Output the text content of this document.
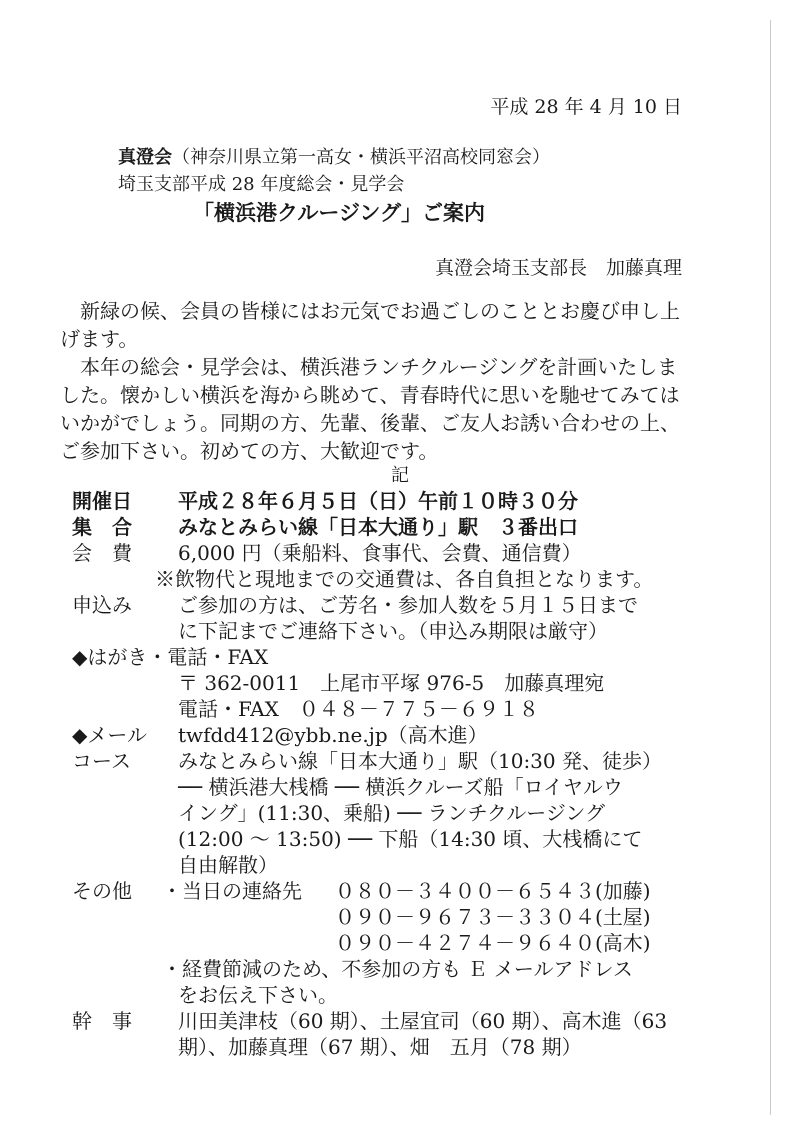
平成 28 年 4 月 10 日
真澄会（神奈川県立第一高女・横浜平沼高校同窓会）
埼玉支部平成 28 年度総会・見学会
「横浜港クルージング」ご案内
真澄会埼玉支部長　加藤真理
新緑の候、会員の皆様にはお元気でお過ごしのこととお慶び申し上げます。
本年の総会・見学会は、横浜港ランチクルージングを計画いたしました。懐かしい横浜を海から眺めて、青春時代に思いを馳せてみてはいかがでしょう。同期の方、先輩、後輩、ご友人お誘い合わせの上、ご参加下さい。初めての方、大歓迎です。
記
開催日 平成２８年６月５日（日）午前１０時３０分
集　合 みなとみらい線「日本大通り」駅　３番出口
会　費 6,000 円（乗船料、食事代、会費、通信費）
※飲物代と現地までの交通費は、各自負担となります。
申込み ご参加の方は、ご芳名・参加人数を５月１５日まで
に下記までご連絡下さい。（申込み期限は厳守）
◆はがき・電話・FAX
〒 362-0011　上尾市平塚 976-5　加藤真理宛
電話・FAX　０４８－７７５－６９１８
◆メール twfdd412@ybb.ne.jp（高木進）
コース みなとみらい線「日本大通り」駅（10:30 発、徒歩）
── 横浜港大桟橋 ── 横浜クルーズ船「ロイヤルウ
イング」(11:30、乗船) ── ランチクルージング
(12:00 〜 13:50) ── 下船（14:30 頃、大桟橋にて
自由解散）
その他 ・当日の連絡先 ０８０－３４００－６５４３(加藤)
０９０－９６７３－３３０４(土屋)
０９０－４２７４－９６４０(高木)
・経費節減のため、不参加の方も Ｅ メールアドレス
をお伝え下さい。
幹　事 川田美津枝（60 期）、土屋宜司（60 期）、高木進（63
期）、加藤真理（67 期）、畑　五月（78 期）
